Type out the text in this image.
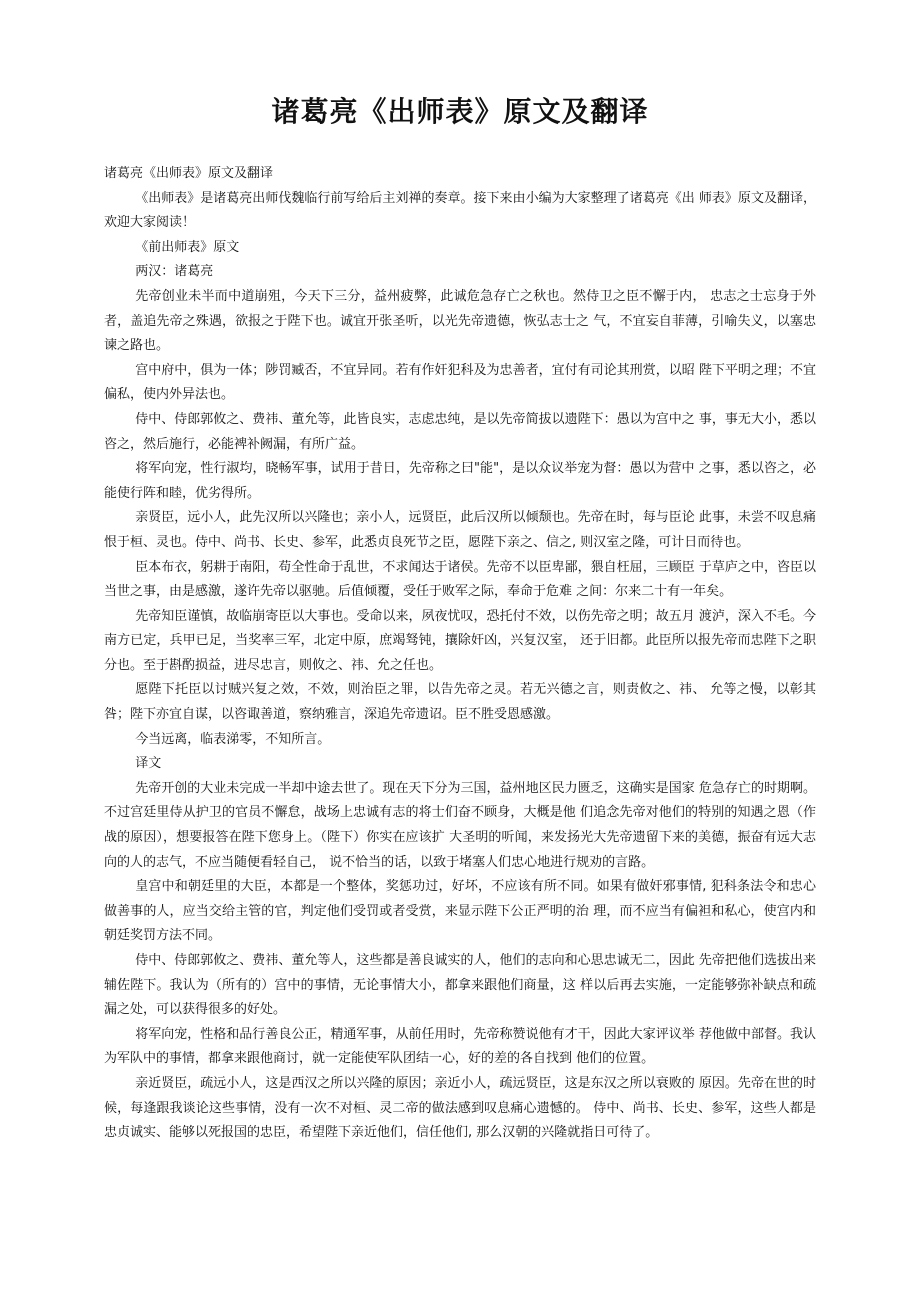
诸葛亮《出师表》原文及翻译

诸葛亮《出师表》原文及翻译

《出师表》是诸葛亮出师伐魏临行前写给后主刘禅的奏章。接下来由小编为大家整理了诸葛亮《出 师表》原文及翻译，欢迎大家阅读！

《前出师表》原文

两汉：诸葛亮

先帝创业未半而中道崩殂，今天下三分，益州疲弊，此诚危急存亡之秋也。然侍卫之臣不懈于内， 忠志之士忘身于外者，盖追先帝之殊遇，欲报之于陛下也。诚宜开张圣听，以光先帝遗德，恢弘志士之 气，不宜妄自菲薄，引喻失义，以塞忠谏之路也。

宫中府中，俱为一体；陟罚臧否，不宜异同。若有作奸犯科及为忠善者，宜付有司论其刑赏，以昭 陛下平明之理；不宜偏私，使内外异法也。

侍中、侍郎郭攸之、费祎、董允等，此皆良实，志虑忠纯，是以先帝简拔以遗陛下：愚以为宫中之 事，事无大小，悉以咨之，然后施行，必能裨补阙漏，有所广益。

将军向宠，性行淑均，晓畅军事，试用于昔日，先帝称之曰"能"，是以众议举宠为督：愚以为营中 之事，悉以咨之，必能使行阵和睦，优劣得所。

亲贤臣，远小人，此先汉所以兴隆也；亲小人，远贤臣，此后汉所以倾颓也。先帝在时，每与臣论 此事，未尝不叹息痛恨于桓、灵也。侍中、尚书、长史、参军，此悉贞良死节之臣，愿陛下亲之、信之, 则汉室之隆，可计日而待也。

臣本布衣，躬耕于南阳，苟全性命于乱世，不求闻达于诸侯。先帝不以臣卑鄙，猥自枉屈，三顾臣 于草庐之中，咨臣以当世之事，由是感激，遂许先帝以驱驰。后值倾覆，受任于败军之际，奉命于危难 之间：尔来二十有一年矣。

先帝知臣谨慎，故临崩寄臣以大事也。受命以来，夙夜忧叹，恐托付不效，以伤先帝之明；故五月 渡泸，深入不毛。今南方已定，兵甲已足，当奖率三军，北定中原，庶竭驽钝，攘除奸凶，兴复汉室， 还于旧都。此臣所以报先帝而忠陛下之职分也。至于斟酌损益，进尽忠言，则攸之、祎、允之任也。

愿陛下托臣以讨贼兴复之效，不效，则治臣之罪，以告先帝之灵。若无兴德之言，则责攸之、祎、 允等之慢，以彰其咎；陛下亦宜自谋，以咨诹善道，察纳雅言，深追先帝遗诏。臣不胜受恩感激。

今当远离，临表涕零，不知所言。

译文

先帝开创的大业未完成一半却中途去世了。现在天下分为三国，益州地区民力匮乏，这确实是国家 危急存亡的时期啊。不过宫廷里侍从护卫的官员不懈怠，战场上忠诚有志的将士们奋不顾身，大概是他 们追念先帝对他们的特别的知遇之恩（作战的原因），想要报答在陛下您身上。（陛下）你实在应该扩 大圣明的听闻，来发扬光大先帝遗留下来的美德，振奋有远大志向的人的志气，不应当随便看轻自己， 说不恰当的话，以致于堵塞人们忠心地进行规劝的言路。

皇宫中和朝廷里的大臣，本都是一个整体，奖惩功过，好坏，不应该有所不同。如果有做奸邪事情, 犯科条法令和忠心做善事的人，应当交给主管的官，判定他们受罚或者受赏，来显示陛下公正严明的治 理，而不应当有偏袒和私心，使宫内和朝廷奖罚方法不同。

侍中、侍郎郭攸之、费祎、董允等人，这些都是善良诚实的人，他们的志向和心思忠诚无二，因此 先帝把他们选拔出来辅佐陛下。我认为（所有的）宫中的事情，无论事情大小，都拿来跟他们商量，这 样以后再去实施，一定能够弥补缺点和疏漏之处，可以获得很多的好处。

将军向宠，性格和品行善良公正，精通军事，从前任用时，先帝称赞说他有才干，因此大家评议举 荐他做中部督。我认为军队中的事情，都拿来跟他商讨，就一定能使军队团结一心，好的差的各自找到 他们的位置。

亲近贤臣，疏远小人，这是西汉之所以兴隆的原因；亲近小人，疏远贤臣，这是东汉之所以衰败的 原因。先帝在世的时候，每逢跟我谈论这些事情，没有一次不对桓、灵二帝的做法感到叹息痛心遗憾的。 侍中、尚书、长史、参军，这些人都是忠贞诚实、能够以死报国的忠臣，希望陛下亲近他们，信任他们, 那么汉朝的兴隆就指日可待了。
